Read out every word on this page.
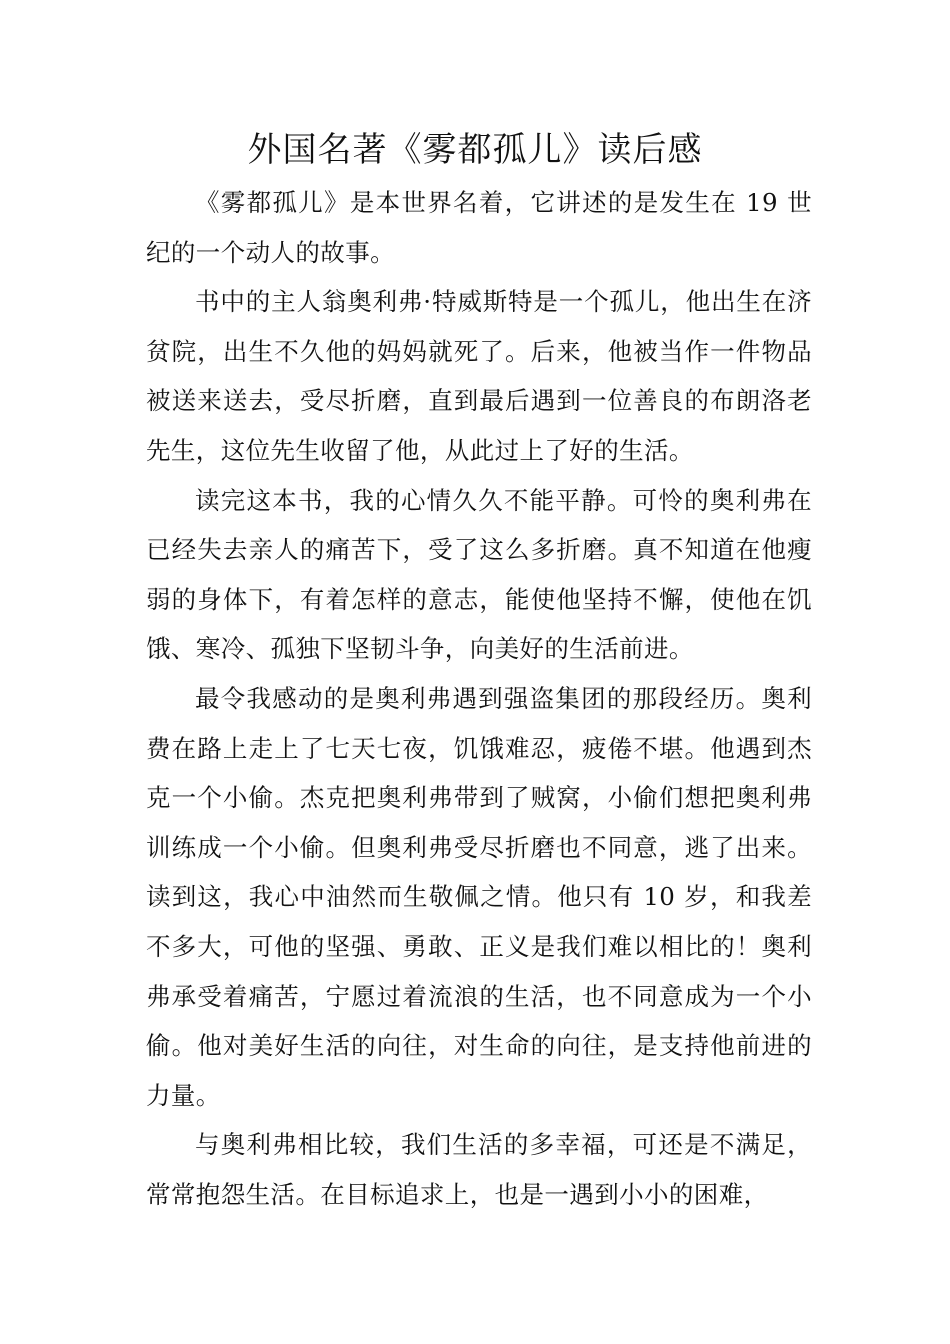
外国名著《雾都孤儿》读后感

《雾都孤儿》是本世界名着，它讲述的是发生在 19 世纪的一个动人的故事。

书中的主人翁奥利弗·特威斯特是一个孤儿，他出生在济贫院，出生不久他的妈妈就死了。后来，他被当作一件物品被送来送去，受尽折磨，直到最后遇到一位善良的布朗洛老先生，这位先生收留了他，从此过上了好的生活。

读完这本书，我的心情久久不能平静。可怜的奥利弗在已经失去亲人的痛苦下，受了这么多折磨。真不知道在他瘦弱的身体下，有着怎样的意志，能使他坚持不懈，使他在饥饿、寒冷、孤独下坚韧斗争，向美好的生活前进。

最令我感动的是奥利弗遇到强盗集团的那段经历。奥利费在路上走上了七天七夜，饥饿难忍，疲倦不堪。他遇到杰克一个小偷。杰克把奥利弗带到了贼窝，小偷们想把奥利弗训练成一个小偷。但奥利弗受尽折磨也不同意，逃了出来。读到这，我心中油然而生敬佩之情。他只有 10 岁，和我差不多大，可他的坚强、勇敢、正义是我们难以相比的！奥利弗承受着痛苦，宁愿过着流浪的生活，也不同意成为一个小偷。他对美好生活的向往，对生命的向往，是支持他前进的力量。

与奥利弗相比较，我们生活的多幸福，可还是不满足，常常抱怨生活。在目标追求上，也是一遇到小小的困难，
